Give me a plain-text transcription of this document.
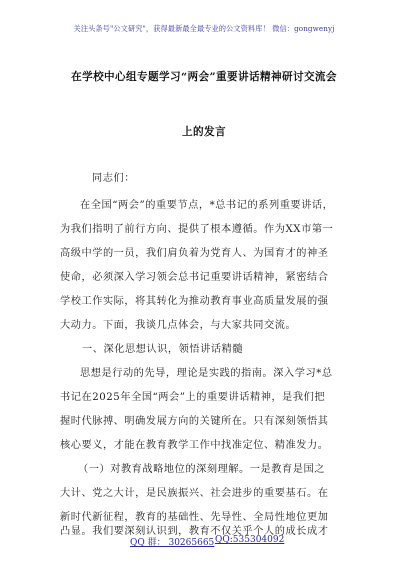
关注头条号"公文研究"，获得最新最全最专业的公文资料库！ 微信：gongwenyj
在学校中心组专题学习“两会”重要讲话精神研讨交流会
上的发言
同志们：
在全国“两会”的重要节点，*总书记的系列重要讲话，
为我们指明了前行方向、提供了根本遵循。作为XX市第一
高级中学的一员，我们肩负着为党育人、为国育才的神圣
使命，必须深入学习领会总书记重要讲话精神，紧密结合
学校工作实际，将其转化为推动教育事业高质量发展的强
大动力。下面，我谈几点体会，与大家共同交流。
一、深化思想认识，领悟讲话精髓
思想是行动的先导，理论是实践的指南。深入学习*总
书记在2025年全国“两会”上的重要讲话精神，是我们把
握时代脉搏、明确发展方向的关键所在。只有深刻领悟其
核心要义，才能在教育教学工作中找准定位、精准发力。
（一）对教育战略地位的深刻理解。一是教育是国之
大计、党之大计，是民族振兴、社会进步的重要基石。在
新时代新征程，教育的基础性、先导性、全局性地位更加
凸显。我们要深刻认识到，教育不仅关乎个人的成长成才
QQ 群： 30265665 QQ:535304092
